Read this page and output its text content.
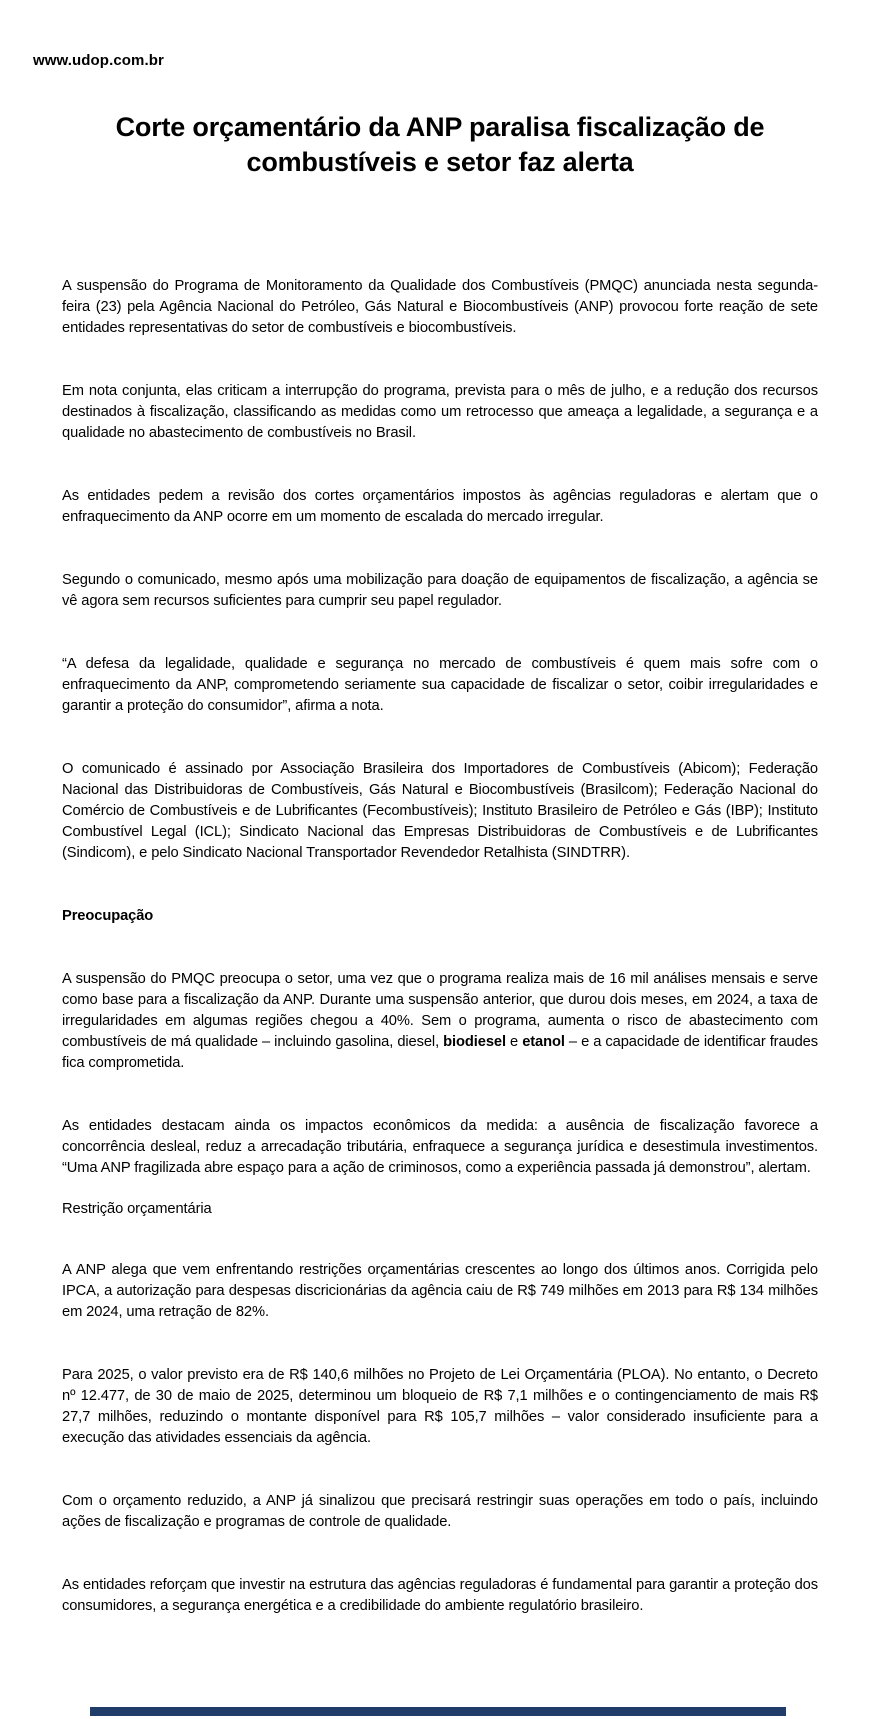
www.udop.com.br
Corte orçamentário da ANP paralisa fiscalização de combustíveis e setor faz alerta

A suspensão do Programa de Monitoramento da Qualidade dos Combustíveis (PMQC) anunciada nesta segunda-feira (23) pela Agência Nacional do Petróleo, Gás Natural e Biocombustíveis (ANP) provocou forte reação de sete entidades representativas do setor de combustíveis e biocombustíveis.

Em nota conjunta, elas criticam a interrupção do programa, prevista para o mês de julho, e a redução dos recursos destinados à fiscalização, classificando as medidas como um retrocesso que ameaça a legalidade, a segurança e a qualidade no abastecimento de combustíveis no Brasil.

As entidades pedem a revisão dos cortes orçamentários impostos às agências reguladoras e alertam que o enfraquecimento da ANP ocorre em um momento de escalada do mercado irregular.

Segundo o comunicado, mesmo após uma mobilização para doação de equipamentos de fiscalização, a agência se vê agora sem recursos suficientes para cumprir seu papel regulador.

“A defesa da legalidade, qualidade e segurança no mercado de combustíveis é quem mais sofre com o enfraquecimento da ANP, comprometendo seriamente sua capacidade de fiscalizar o setor, coibir irregularidades e garantir a proteção do consumidor”, afirma a nota.

O comunicado é assinado por Associação Brasileira dos Importadores de Combustíveis (Abicom); Federação Nacional das Distribuidoras de Combustíveis, Gás Natural e Biocombustíveis (Brasilcom); Federação Nacional do Comércio de Combustíveis e de Lubrificantes (Fecombustíveis); Instituto Brasileiro de Petróleo e Gás (IBP); Instituto Combustível Legal (ICL); Sindicato Nacional das Empresas Distribuidoras de Combustíveis e de Lubrificantes (Sindicom), e pelo Sindicato Nacional Transportador Revendedor Retalhista (SINDTRR).

Preocupação

A suspensão do PMQC preocupa o setor, uma vez que o programa realiza mais de 16 mil análises mensais e serve como base para a fiscalização da ANP. Durante uma suspensão anterior, que durou dois meses, em 2024, a taxa de irregularidades em algumas regiões chegou a 40%. Sem o programa, aumenta o risco de abastecimento com combustíveis de má qualidade – incluindo gasolina, diesel, biodiesel e etanol – e a capacidade de identificar fraudes fica comprometida.

As entidades destacam ainda os impactos econômicos da medida: a ausência de fiscalização favorece a concorrência desleal, reduz a arrecadação tributária, enfraquece a segurança jurídica e desestimula investimentos. “Uma ANP fragilizada abre espaço para a ação de criminosos, como a experiência passada já demonstrou”, alertam.

Restrição orçamentária

A ANP alega que vem enfrentando restrições orçamentárias crescentes ao longo dos últimos anos. Corrigida pelo IPCA, a autorização para despesas discricionárias da agência caiu de R$ 749 milhões em 2013 para R$ 134 milhões em 2024, uma retração de 82%.

Para 2025, o valor previsto era de R$ 140,6 milhões no Projeto de Lei Orçamentária (PLOA). No entanto, o Decreto nº 12.477, de 30 de maio de 2025, determinou um bloqueio de R$ 7,1 milhões e o contingenciamento de mais R$ 27,7 milhões, reduzindo o montante disponível para R$ 105,7 milhões – valor considerado insuficiente para a execução das atividades essenciais da agência.

Com o orçamento reduzido, a ANP já sinalizou que precisará restringir suas operações em todo o país, incluindo ações de fiscalização e programas de controle de qualidade.

As entidades reforçam que investir na estrutura das agências reguladoras é fundamental para garantir a proteção dos consumidores, a segurança energética e a credibilidade do ambiente regulatório brasileiro.
